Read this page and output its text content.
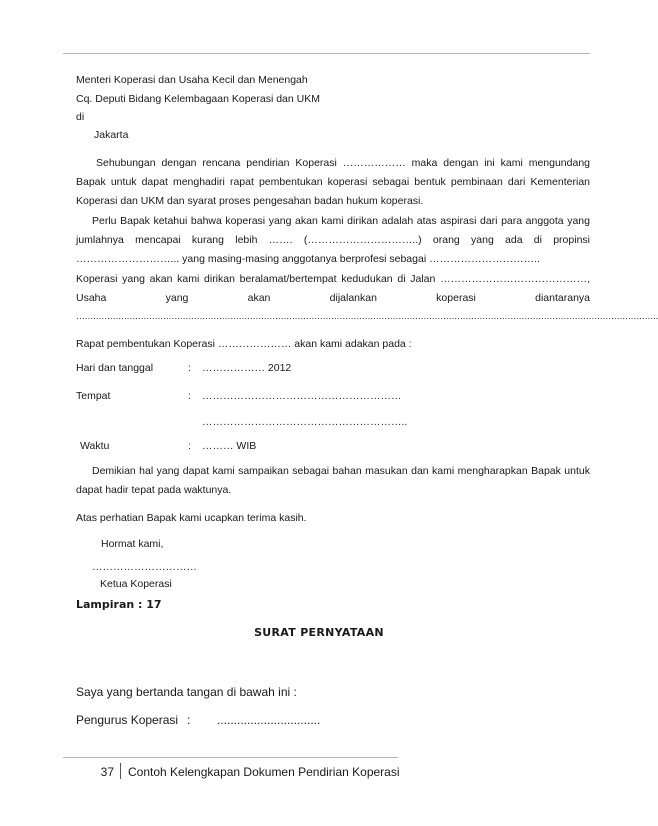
Menteri Koperasi dan Usaha Kecil dan Menengah
Cq. Deputi Bidang Kelembagaan Koperasi dan UKM
di
Jakarta
Sehubungan dengan rencana pendirian Koperasi ……………… maka dengan ini kami mengundang Bapak untuk dapat menghadiri rapat pembentukan koperasi sebagai bentuk pembinaan dari Kementerian Koperasi dan UKM dan syarat proses pengesahan badan hukum koperasi.
Perlu Bapak ketahui bahwa koperasi yang akan kami dirikan adalah atas aspirasi dari para anggota yang jumlahnya mencapai kurang lebih ……. (…………………………..) orang yang ada di propinsi ………………………... yang masing-masing anggotanya berprofesi sebagai …………………………..
Koperasi yang akan kami dirikan beralamat/bertempat kedudukan di Jalan ……………………………………, Usaha yang akan dijalankan koperasi diantaranya
……………………………………………………………………………………………………………………………………………………………………………………….
Rapat pembentukan Koperasi ………………… akan kami adakan pada :
Hari dan tanggal	: ……………… 2012
Tempat	: …………………………………………………
…………………………………………………..
Waktu	: ……… WIB
Demikian hal yang dapat kami sampaikan sebagai bahan masukan dan kami mengharapkan Bapak untuk dapat hadir tepat pada waktunya.
Atas perhatian Bapak kami ucapkan terima kasih.
Hormat kami,
…………………………
Ketua Koperasi
Lampiran : 17
SURAT PERNYATAAN
Saya yang bertanda tangan di bawah ini :
Pengurus Koperasi : ...............................
37 Contoh Kelengkapan Dokumen Pendirian Koperasi
